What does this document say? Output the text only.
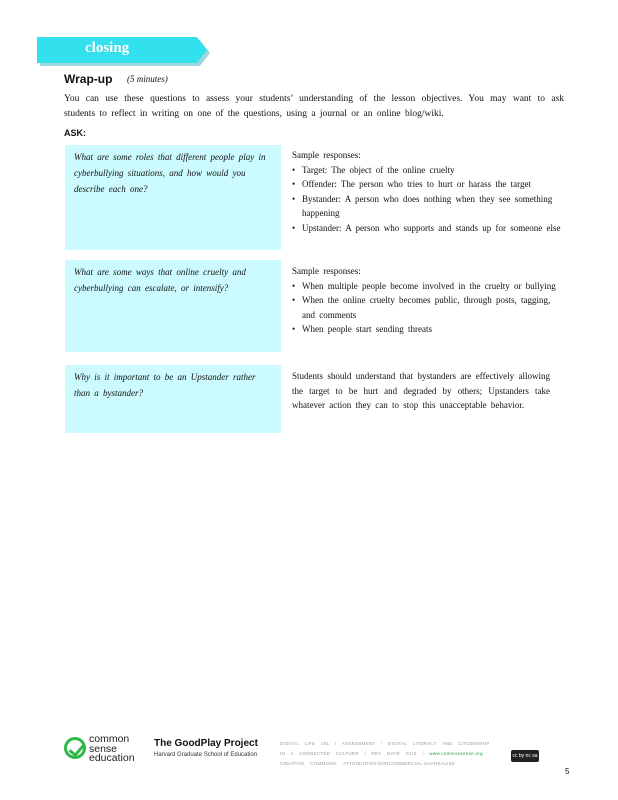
closing
Wrap-up (5 minutes)
You can use these questions to assess your students’ understanding of the lesson objectives. You may want to ask students to reflect in writing on one of the questions, using a journal or an online blog/wiki.
ASK:
What are some roles that different people play in cyberbullying situations, and how would you describe each one?
Sample responses:
• Target: The object of the online cruelty
• Offender: The person who tries to hurt or harass the target
• Bystander: A person who does nothing when they see something happening
• Upstander: A person who supports and stands up for someone else
What are some ways that online cruelty and cyberbullying can escalate, or intensify?
Sample responses:
• When multiple people become involved in the cruelty or bullying
• When the online cruelty becomes public, through posts, tagging, and comments
• When people start sending threats
Why is it important to be an Upstander rather than a bystander?
Students should understand that bystanders are effectively allowing the target to be hurt and degraded by others; Upstanders take whatever action they can to stop this unacceptable behavior.
common
sense
education
The GoodPlay Project
Harvard Graduate School of Education
DIGITAL LIFE 101 / ASSESSMENT / DIGITAL LITERACY AND CITIZENSHIP
IN A CONNECTED CULTURE / REV DATE 2015 / www.commonsense.org
CREATIVE COMMONS: ATTRIBUTION-NONCOMMERCIAL-SHAREALIKE
cc by nc sa
5
